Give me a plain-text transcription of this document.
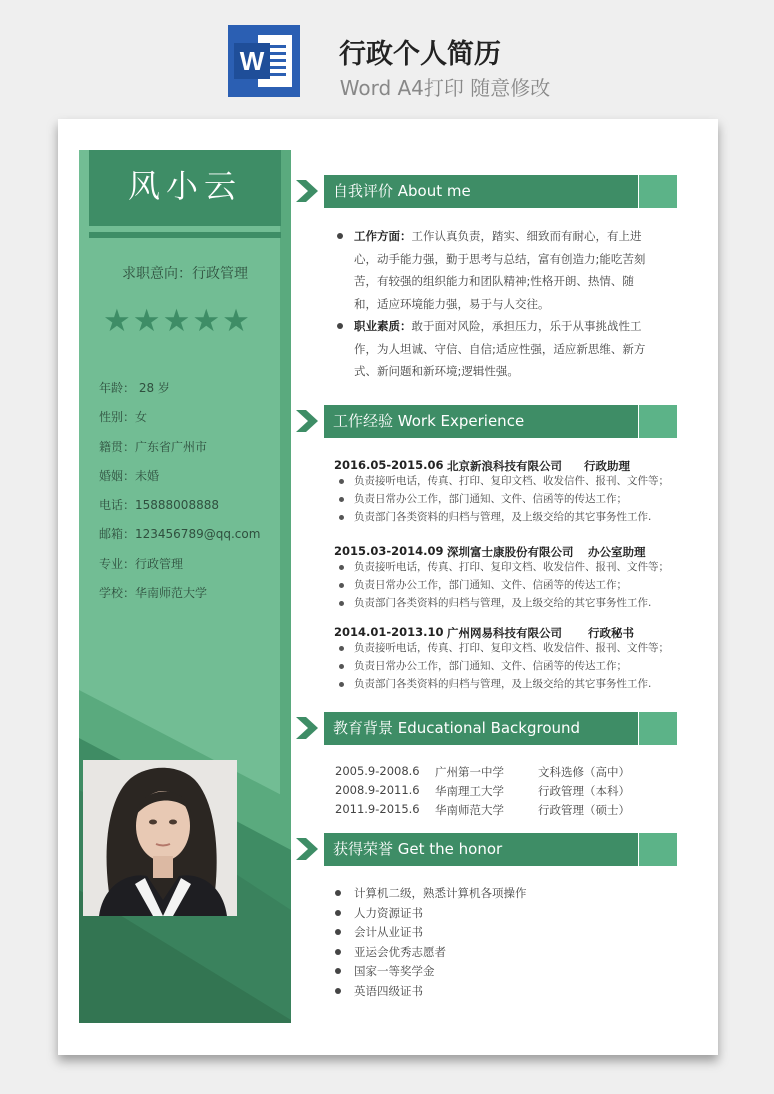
W	行政个人简历
Word A4打印 随意修改
风小云
求职意向：行政管理
★★★★★
年龄： 28 岁
性别：女
籍贯：广东省广州市
婚姻：未婚
电话：15888008888
邮箱：123456789@qq.com
专业：行政管理
学校：华南师范大学
自我评价 About me
工作方面：工作认真负责，踏实、细致而有耐心，有上进心，动手能力强，勤于思考与总结，富有创造力;能吃苦刻苦，有较强的组织能力和团队精神;性格开朗、热情、随和，适应环境能力强，易于与人交往。
职业素质：敢于面对风险，承担压力，乐于从事挑战性工作，为人坦诚、守信、自信;适应性强，适应新思维、新方式、新问题和新环境;逻辑性强。
工作经验 Work Experience
2016.05-2015.06 北京新浪科技有限公司 行政助理
负责接听电话，传真、打印、复印文档、收发信件、报刊、文件等；
负责日常办公工作，部门通知、文件、信函等的传达工作；
负责部门各类资料的归档与管理，及上级交给的其它事务性工作.
2015.03-2014.09 深圳富士康股份有限公司 办公室助理
负责接听电话，传真、打印、复印文档、收发信件、报刊、文件等；
负责日常办公工作，部门通知、文件、信函等的传达工作；
负责部门各类资料的归档与管理，及上级交给的其它事务性工作.
2014.01-2013.10 广州网易科技有限公司 行政秘书
负责接听电话，传真、打印、复印文档、收发信件、报刊、文件等；
负责日常办公工作，部门通知、文件、信函等的传达工作；
负责部门各类资料的归档与管理，及上级交给的其它事务性工作.
教育背景 Educational Background
2005.9-2008.6 广州第一中学	文科选修（高中）
2008.9-2011.6 华南理工大学	行政管理（本科）
2011.9-2015.6 华南师范大学	行政管理（硕士）
获得荣誉 Get the honor
计算机二级，熟悉计算机各项操作
人力资源证书
会计从业证书
亚运会优秀志愿者
国家一等奖学金
英语四级证书
